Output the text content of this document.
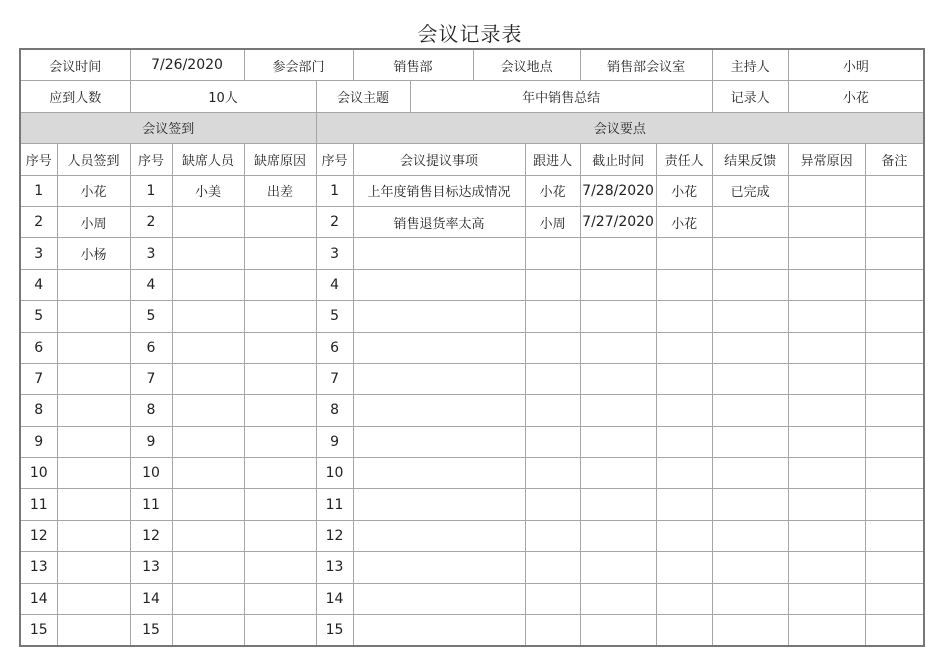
会议记录表
会议时间		7/26/2020		参会部门		销售部		会议地点		销售部会议室		主持人	小明	
应到人数		10人			会议主题		年中销售总结					记录人	小花	
会议签到					会议要点									
序号	人员签到	序号	缺席人员	缺席原因	序号	会议提议事项			跟进人	截止时间	责任人	结果反馈	异常原因	备注
1	小花	1	小美	出差	1	上年度销售目标达成情况			小花	7/28/2020	小花	已完成		
2	小周	2			2	销售退货率太高			小周	7/27/2020	小花			
3	小杨	3			3									
4		4			4									
5		5			5									
6		6			6									
7		7			7									
8		8			8									
9		9			9									
10		10			10									
11		11			11									
12		12			12									
13		13			13									
14		14			14									
15		15			15									
